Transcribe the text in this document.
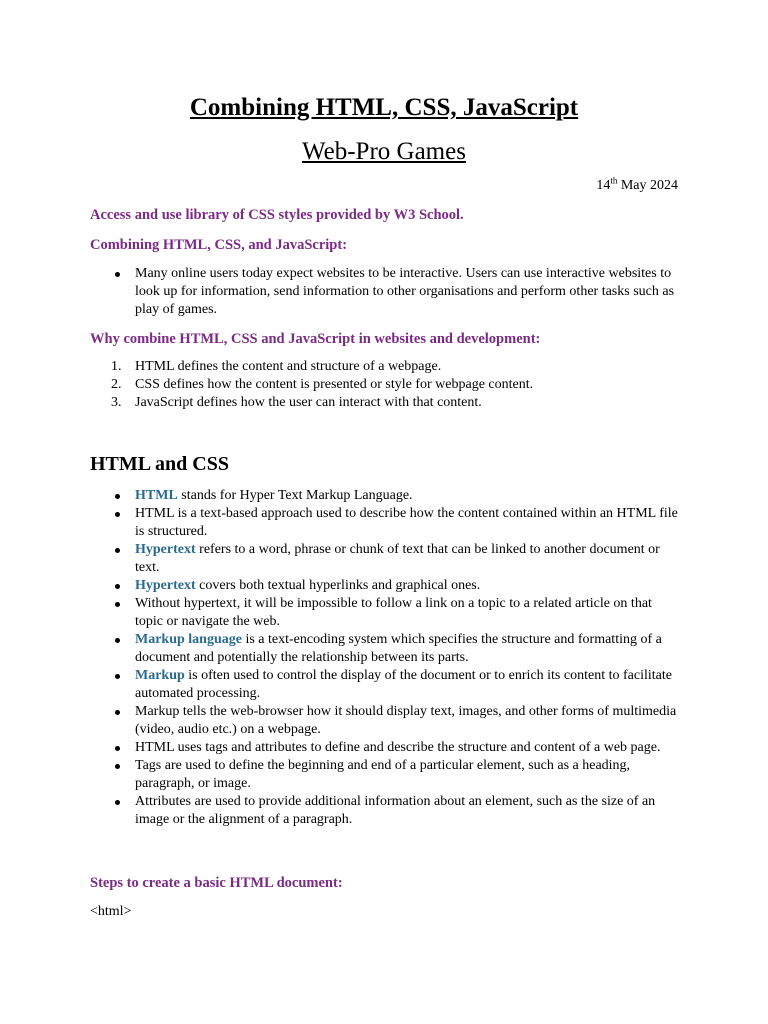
Combining HTML, CSS, JavaScript
Web-Pro Games
14th May 2024

Access and use library of CSS styles provided by W3 School.

Combining HTML, CSS, and JavaScript:

Many online users today expect websites to be interactive. Users can use interactive websites to look up for information, send information to other organisations and perform other tasks such as play of games.

Why combine HTML, CSS and JavaScript in websites and development:

1. HTML defines the content and structure of a webpage.
2. CSS defines how the content is presented or style for webpage content.
3. JavaScript defines how the user can interact with that content.
HTML and CSS
HTML stands for Hyper Text Markup Language.
HTML is a text-based approach used to describe how the content contained within an HTML file is structured.
Hypertext refers to a word, phrase or chunk of text that can be linked to another document or text.
Hypertext covers both textual hyperlinks and graphical ones.
Without hypertext, it will be impossible to follow a link on a topic to a related article on that topic or navigate the web.
Markup language is a text-encoding system which specifies the structure and formatting of a document and potentially the relationship between its parts.
Markup is often used to control the display of the document or to enrich its content to facilitate automated processing.
Markup tells the web-browser how it should display text, images, and other forms of multimedia (video, audio etc.) on a webpage.
HTML uses tags and attributes to define and describe the structure and content of a web page.
Tags are used to define the beginning and end of a particular element, such as a heading, paragraph, or image.
Attributes are used to provide additional information about an element, such as the size of an image or the alignment of a paragraph.

Steps to create a basic HTML document:

<html>
